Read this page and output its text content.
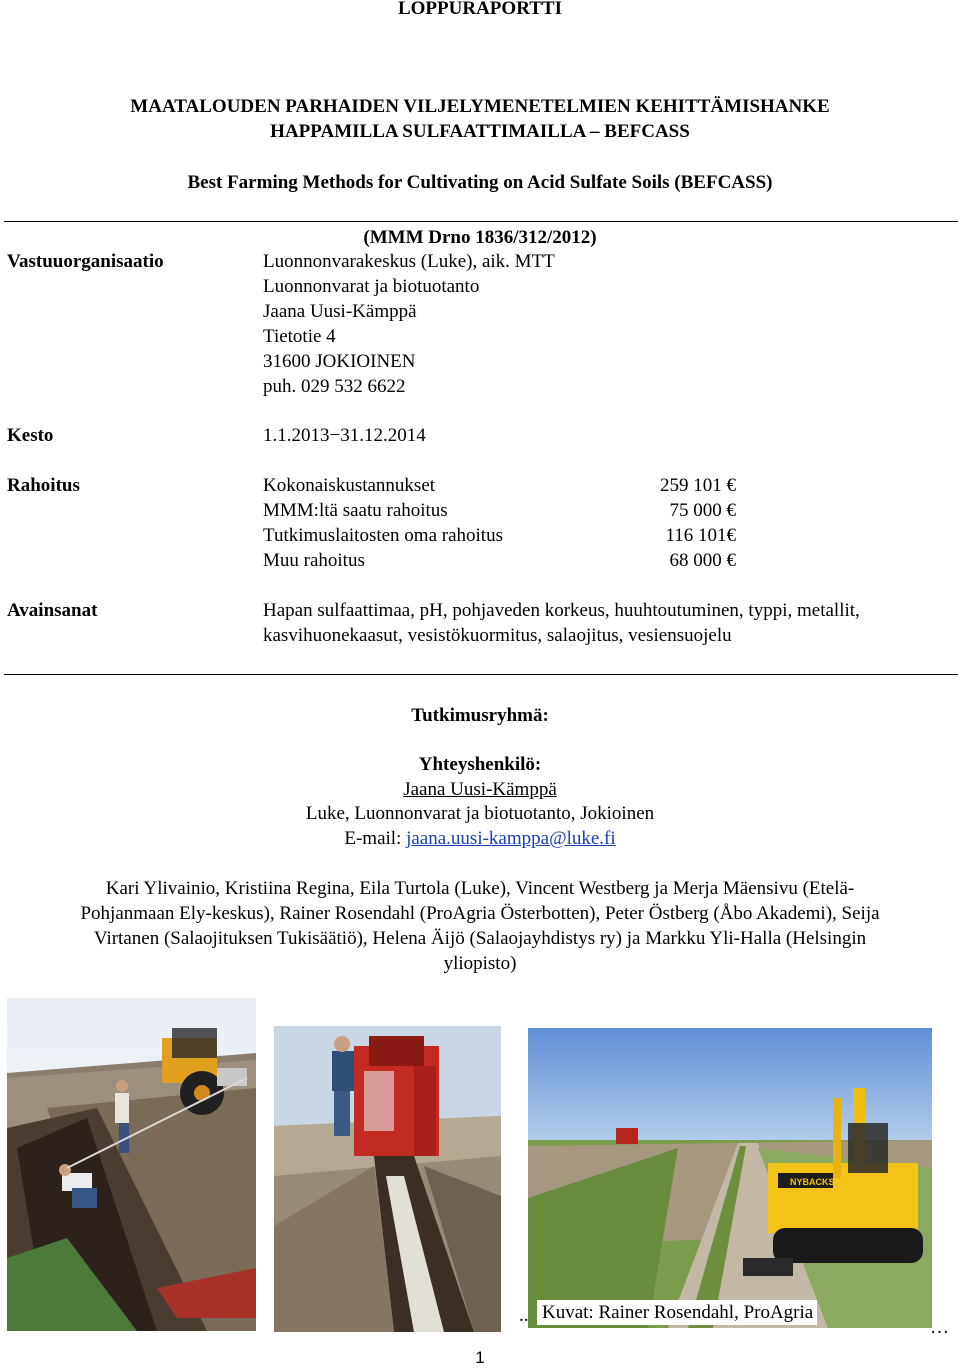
LOPPURAPORTTI
MAATALOUDEN PARHAIDEN VILJELYMENETELMIEN KEHITTÄMISHANKE
HAPPAMILLA SULFAATTIMAILLA – BEFCASS
Best Farming Methods for Cultivating on Acid Sulfate Soils (BEFCASS)
(MMM Drno 1836/312/2012)
Vastuuorganisaatio	Luonnonvarakeskus (Luke), aik. MTT
Luonnonvarat ja biotuotanto
Jaana Uusi-Kämppä
Tietotie 4
31600 JOKIOINEN
puh. 029 532 6622
Kesto	1.1.2013−31.12.2014
Rahoitus	Kokonaiskustannukset	259 101 €
MMM:ltä saatu rahoitus	75 000 €
Tutkimuslaitosten oma rahoitus	116 101€
Muu rahoitus	68 000 €
Avainsanat	Hapan sulfaattimaa, pH, pohjaveden korkeus, huuhtoutuminen, typpi, metallit,
kasvihuonekaasut, vesistökuormitus, salaojitus, vesiensuojelu
Tutkimusryhmä:
Yhteyshenkilö:
Jaana Uusi-Kämppä
Luke, Luonnonvarat ja biotuotanto, Jokioinen
E-mail: jaana.uusi-kamppa@luke.fi
Kari Ylivainio, Kristiina Regina, Eila Turtola (Luke), Vincent Westberg ja Merja Mäensivu (Etelä-
Pohjanmaan Ely-keskus), Rainer Rosendahl (ProAgria Österbotten), Peter Östberg (Åbo Akademi), Seija
Virtanen (Salaojituksen Tukisäätiö), Helena Äijö (Salaojayhdistys ry) ja Markku Yli-Halla (Helsingin
yliopisto)
NYBACKS GRÄV
.. Kuvat: Rainer Rosendahl, ProAgria
…
1
